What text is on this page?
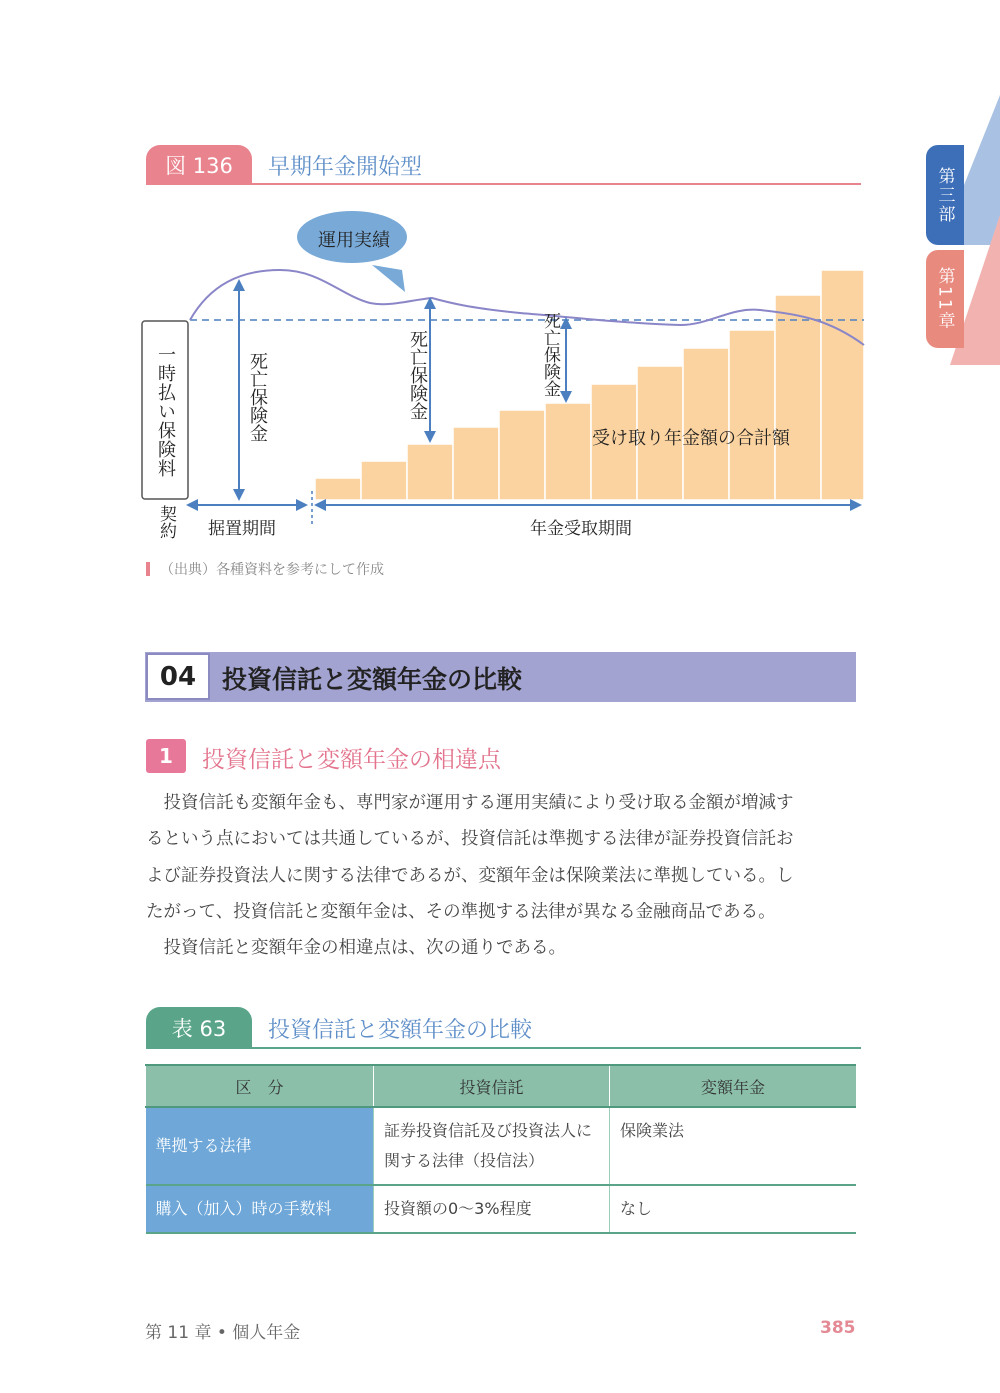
第三部
第11章
図 136	早期年金開始型
運用実績
一時払い保険料	死亡保険金	死亡保険金	死亡保険金
受け取り年金額の合計額
契約 据置期間	年金受取期間
（出典）各種資料を参考にして作成
04	投資信託と変額年金の比較
1	投資信託と変額年金の相違点
　投資信託も変額年金も、専門家が運用する運用実績により受け取る金額が増減す
るという点においては共通しているが、投資信託は準拠する法律が証券投資信託お
よび証券投資法人に関する法律であるが、変額年金は保険業法に準拠している。し
たがって、投資信託と変額年金は、その準拠する法律が異なる金融商品である。
　投資信託と変額年金の相違点は、次の通りである。
表 63	投資信託と変額年金の比較
区　分	投資信託	変額年金
準拠する法律	証券投資信託及び投資法人に関する法律（投信法）	保険業法
購入（加入）時の手数料	投資額の0〜3%程度	なし
第 11 章 • 個人年金	385
